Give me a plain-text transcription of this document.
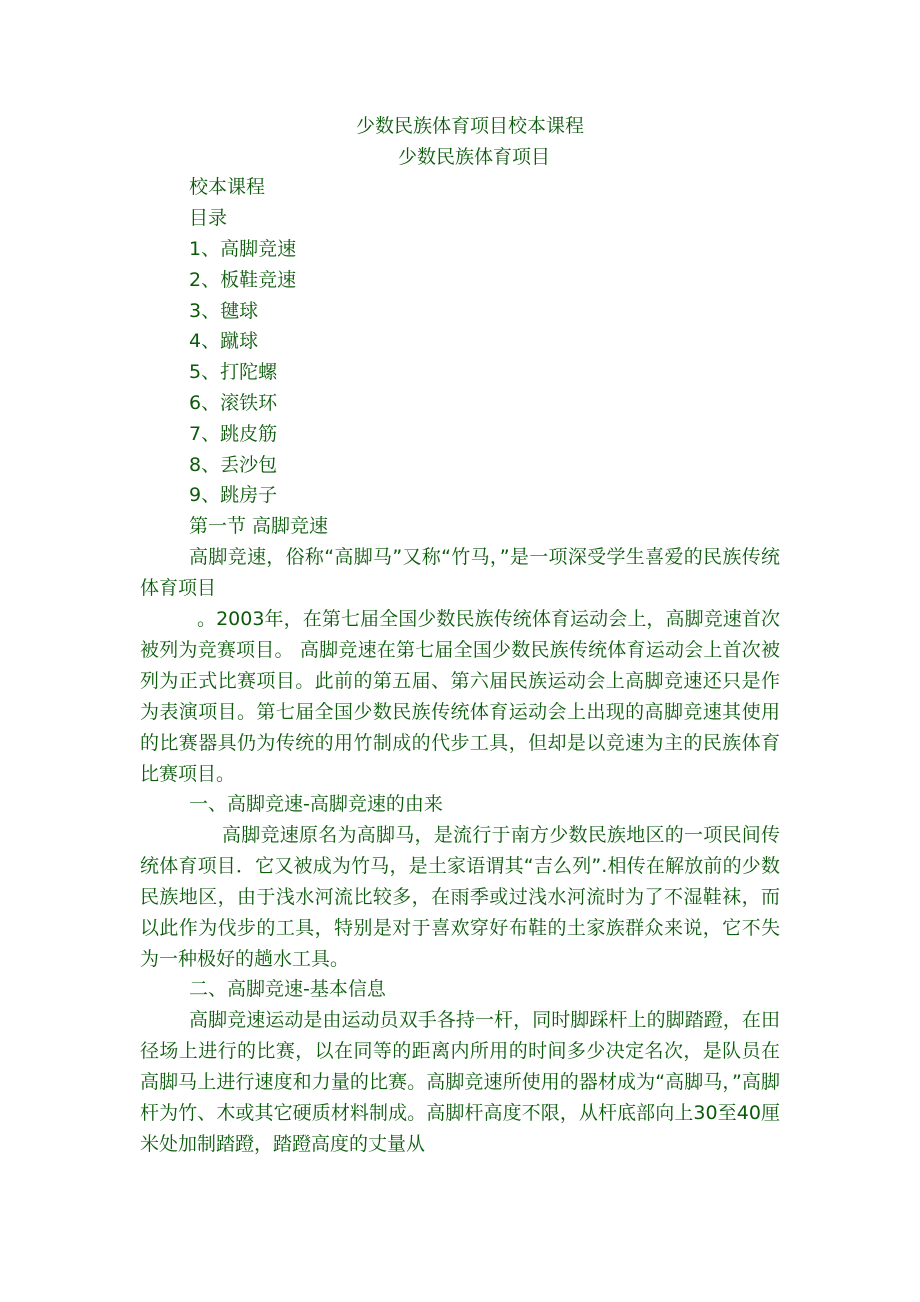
少数民族体育项目校本课程
少数民族体育项目
校本课程
目录
1、高脚竞速
2、板鞋竞速
3、毽球
4、蹴球
5、打陀螺
6、滚铁环
7、跳皮筋
8、丢沙包
9、跳房子
第一节 高脚竞速
高脚竞速，俗称“高脚马”又称“竹马，”是一项深受学生喜爱的民族传统体育项目
。2003年，在第七届全国少数民族传统体育运动会上，高脚竞速首次被列为竞赛项目。 高脚竞速在第七届全国少数民族传统体育运动会上首次被列为正式比赛项目。此前的第五届、第六届民族运动会上高脚竞速还只是作为表演项目。第七届全国少数民族传统体育运动会上出现的高脚竞速其使用的比赛器具仍为传统的用竹制成的代步工具，但却是以竞速为主的民族体育比赛项目。
一、高脚竞速-高脚竞速的由来
高脚竞速原名为高脚马，是流行于南方少数民族地区的一项民间传统体育项目．它又被成为竹马，是土家语谓其“吉么列”.相传在解放前的少数民族地区，由于浅水河流比较多，在雨季或过浅水河流时为了不湿鞋袜，而以此作为伐步的工具，特别是对于喜欢穿好布鞋的土家族群众来说，它不失为一种极好的趟水工具。
二、高脚竞速-基本信息
高脚竞速运动是由运动员双手各持一杆，同时脚踩杆上的脚踏蹬，在田径场上进行的比赛，以在同等的距离内所用的时间多少决定名次，是队员在高脚马上进行速度和力量的比赛。高脚竞速所使用的器材成为“高脚马，”高脚杆为竹、木或其它硬质材料制成。高脚杆高度不限，从杆底部向上30至40厘米处加制踏蹬，踏蹬高度的丈量从
